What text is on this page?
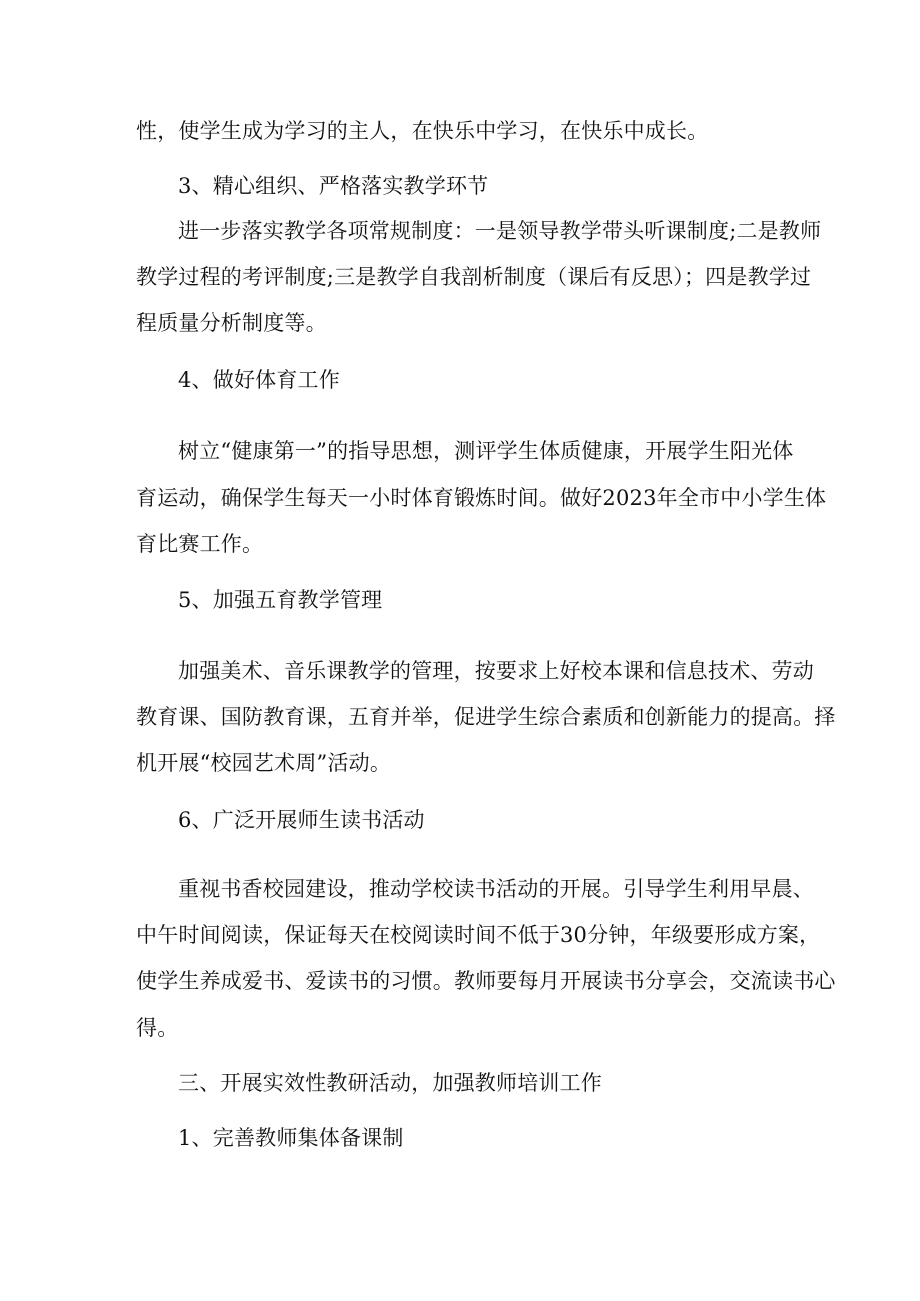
性，使学生成为学习的主人，在快乐中学习，在快乐中成长。

3、精心组织、严格落实教学环节

进一步落实教学各项常规制度：一是领导教学带头听课制度;二是教师

教学过程的考评制度;三是教学自我剖析制度（课后有反思）；四是教学过

程质量分析制度等。

4、做好体育工作

树立“健康第一”的指导思想，测评学生体质健康，开展学生阳光体

育运动，确保学生每天一小时体育锻炼时间。做好2023年全市中小学生体

育比赛工作。

5、加强五育教学管理

加强美术、音乐课教学的管理，按要求上好校本课和信息技术、劳动

教育课、国防教育课，五育并举，促进学生综合素质和创新能力的提高。择

机开展“校园艺术周”活动。

6、广泛开展师生读书活动

重视书香校园建设，推动学校读书活动的开展。引导学生利用早晨、

中午时间阅读，保证每天在校阅读时间不低于30分钟，年级要形成方案，

使学生养成爱书、爱读书的习惯。教师要每月开展读书分享会，交流读书心

得。

三、开展实效性教研活动，加强教师培训工作

1、完善教师集体备课制
